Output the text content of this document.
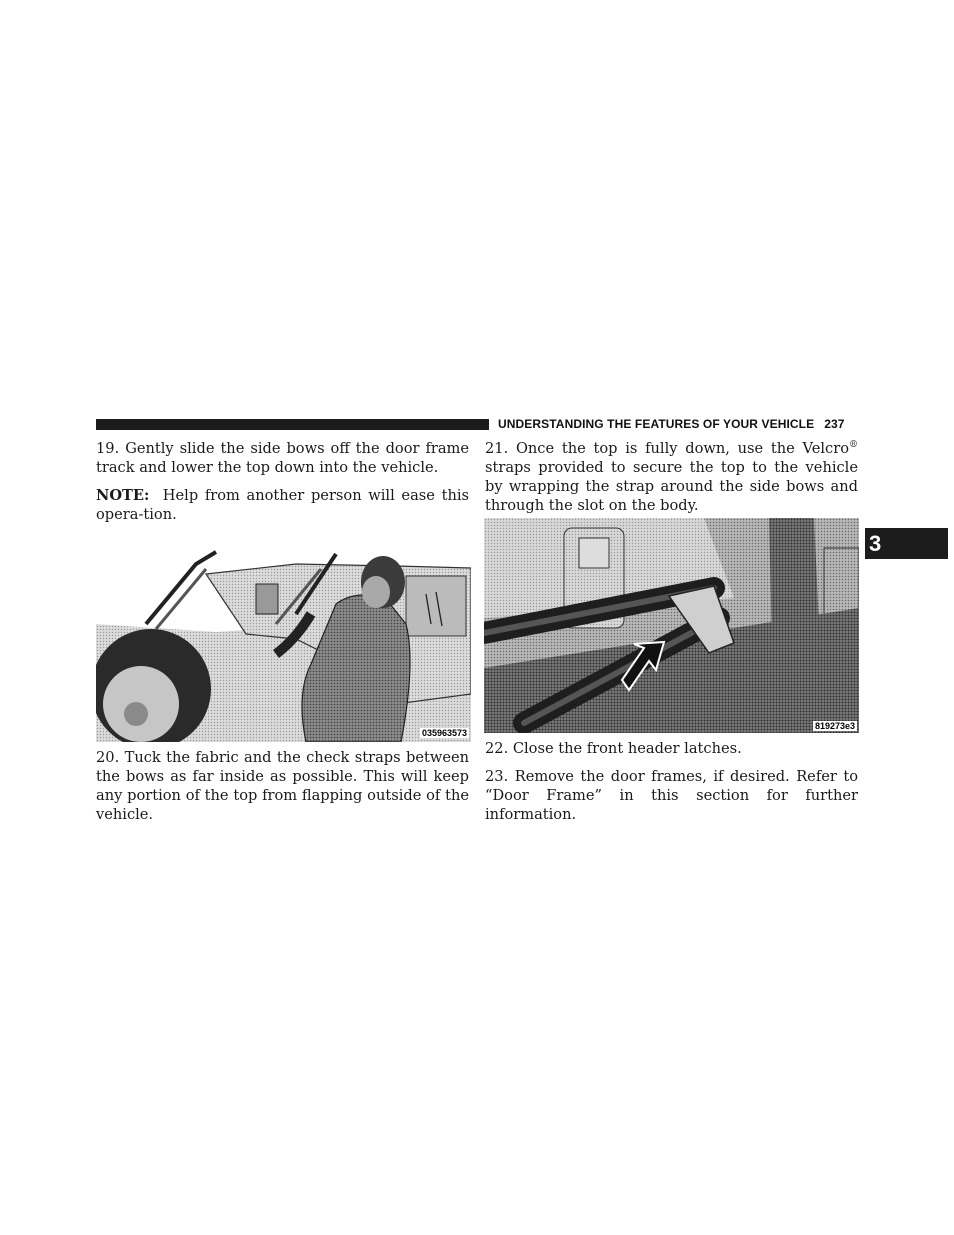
UNDERSTANDING THE FEATURES OF YOUR VEHICLE 237
3

19. Gently slide the side bows off the door frame track and lower the top down into the vehicle.

NOTE: Help from another person will ease this opera-tion.

035963573

20. Tuck the fabric and the check straps between the bows as far inside as possible. This will keep any portion of the top from flapping outside of the vehicle.

21. Once the top is fully down, use the Velcro® straps provided to secure the top to the vehicle by wrapping the strap around the side bows and through the slot on the body.

819273e3

22. Close the front header latches.

23. Remove the door frames, if desired. Refer to “Door Frame” in this section for further information.
